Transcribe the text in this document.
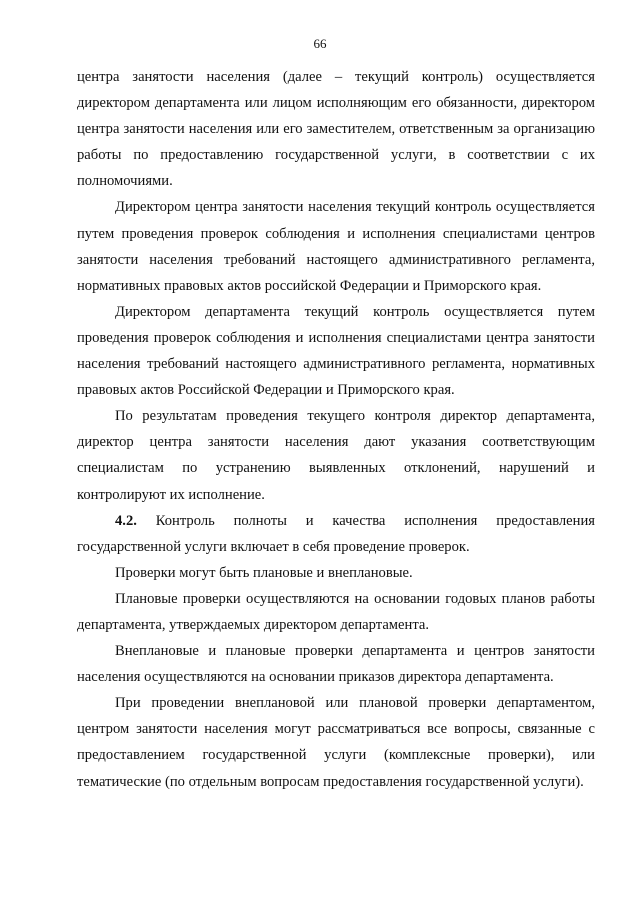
66

центра занятости населения (далее – текущий контроль) осуществляется директором департамента или лицом исполняющим его обязанности, директором центра занятости населения или его заместителем, ответственным за организацию работы по предоставлению государственной услуги, в соответствии с их полномочиями.

Директором центра занятости населения текущий контроль осуществляется путем проведения проверок соблюдения и исполнения специалистами центров занятости населения требований настоящего административного регламента, нормативных правовых актов российской Федерации и Приморского края.

Директором департамента текущий контроль осуществляется путем проведения проверок соблюдения и исполнения специалистами центра занятости населения требований настоящего административного регламента, нормативных правовых актов Российской Федерации и Приморского края.

По результатам проведения текущего контроля директор департамента, директор центра занятости населения дают указания соответствующим специалистам по устранению выявленных отклонений, нарушений и контролируют их исполнение.

4.2. Контроль полноты и качества исполнения предоставления государственной услуги включает в себя проведение проверок.

Проверки могут быть плановые и внеплановые.

Плановые проверки осуществляются на основании годовых планов работы департамента, утверждаемых директором департамента.

Внеплановые и плановые проверки департамента и центров занятости населения осуществляются на основании приказов директора департамента.

При проведении внеплановой или плановой проверки департаментом, центром занятости населения могут рассматриваться все вопросы, связанные с предоставлением государственной услуги (комплексные проверки), или тематические (по отдельным вопросам предоставления государственной услуги).
